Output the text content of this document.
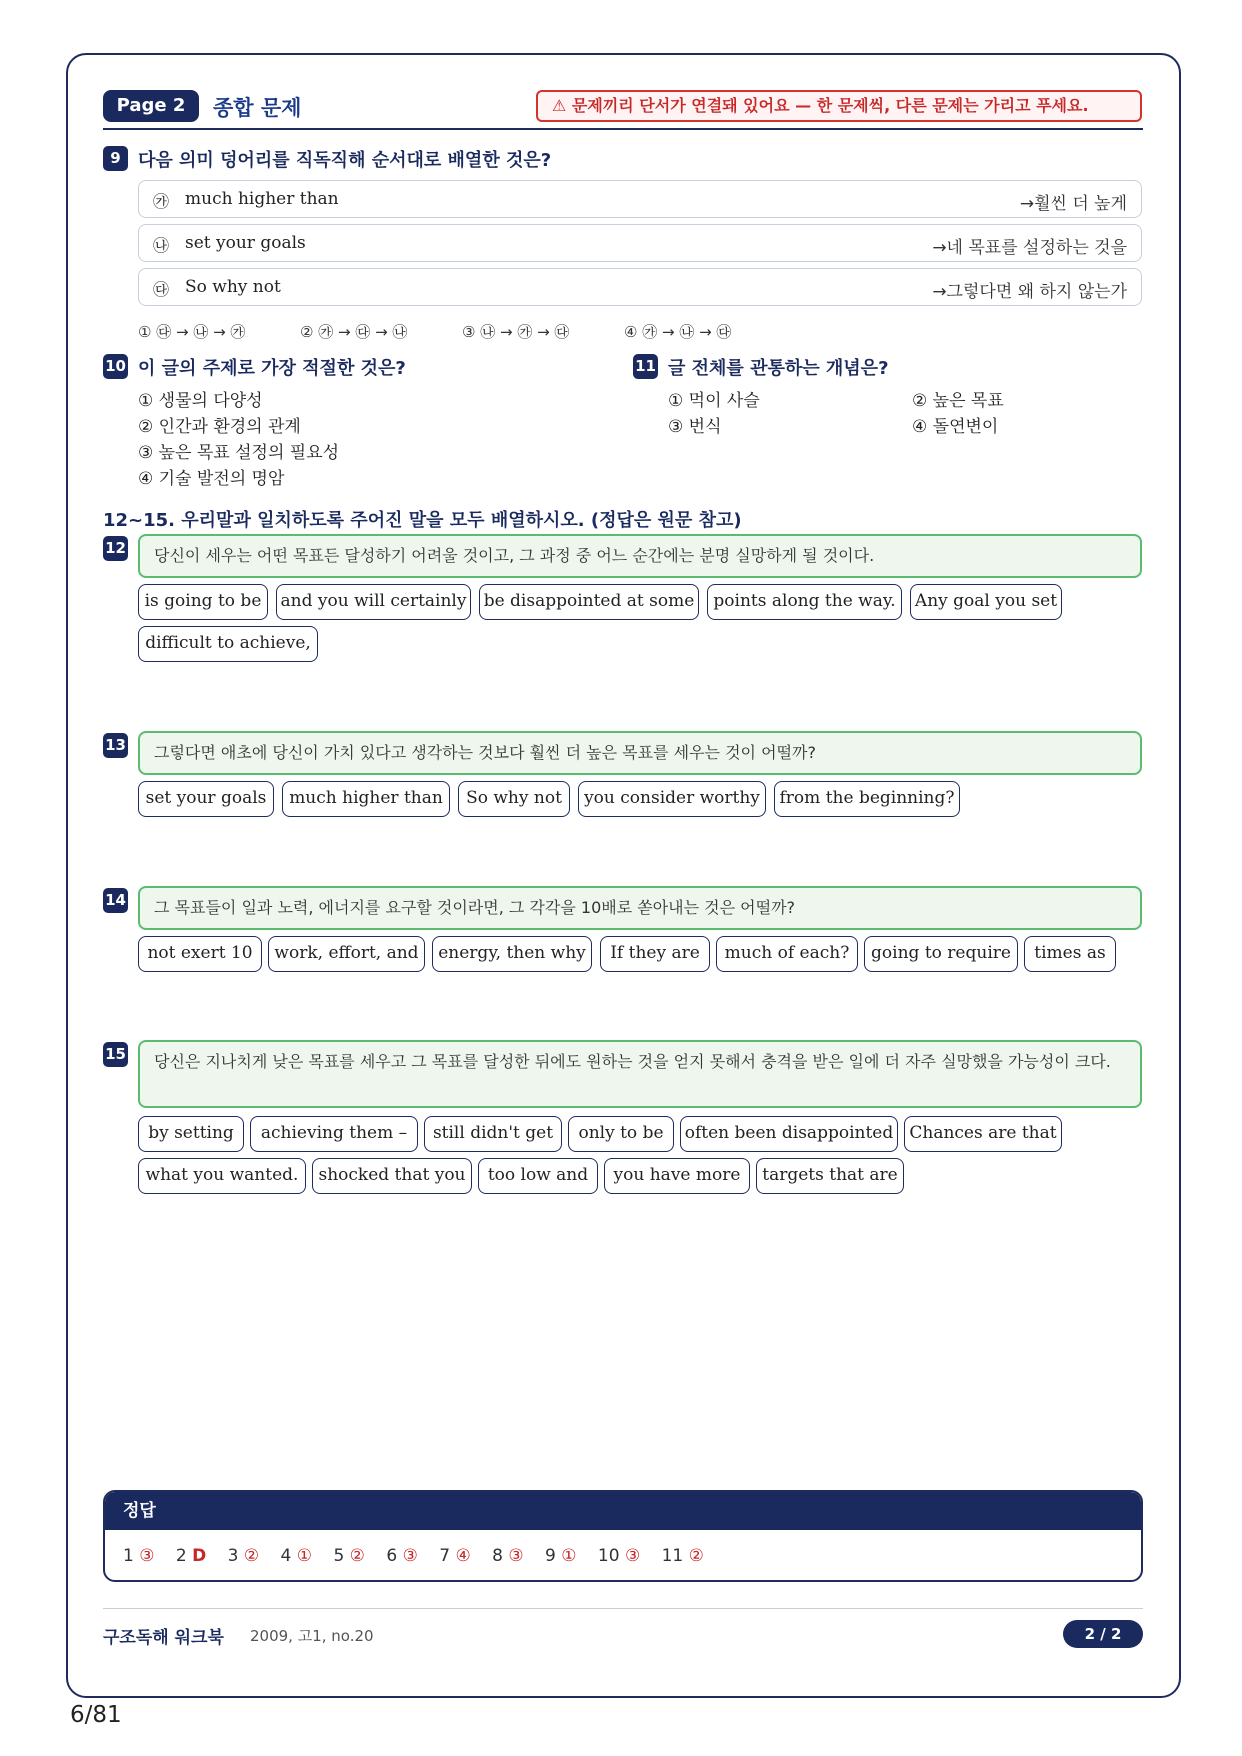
Page 2	종합 문제	⚠ 문제끼리 단서가 연결돼 있어요 — 한 문제씩, 다른 문제는 가리고 푸세요.
9 다음 의미 덩어리를 직독직해 순서대로 배열한 것은?
㉮ much higher than	→훨씬 더 높게
㉯ set your goals	→네 목표를 설정하는 것을
㉰ So why not	→그렇다면 왜 하지 않는가
① ㉰ → ㉯ → ㉮	② ㉮ → ㉰ → ㉯	③ ㉯ → ㉮ → ㉰	④ ㉮ → ㉯ → ㉰
10 이 글의 주제로 가장 적절한 것은?
① 생물의 다양성
② 인간과 환경의 관계
③ 높은 목표 설정의 필요성
④ 기술 발전의 명암
11 글 전체를 관통하는 개념은?
① 먹이 사슬	② 높은 목표
③ 번식	④ 돌연변이
12~15. 우리말과 일치하도록 주어진 말을 모두 배열하시오. (정답은 원문 참고)
12	당신이 세우는 어떤 목표든 달성하기 어려울 것이고, 그 과정 중 어느 순간에는 분명 실망하게 될 것이다.
is going to be	and you will certainly be disappointed at some	points along the way.	Any goal you set
difficult to achieve,
13	그렇다면 애초에 당신이 가치 있다고 생각하는 것보다 훨씬 더 높은 목표를 세우는 것이 어떨까?
set your goals	much higher than	So why not	you consider worthy	from the beginning?
14	그 목표들이 일과 노력, 에너지를 요구할 것이라면, 그 각각을 10배로 쏟아내는 것은 어떨까?
not exert 10	work, effort, and	energy, then why	If they are	much of each?	going to require	times as
15	당신은 지나치게 낮은 목표를 세우고 그 목표를 달성한 뒤에도 원하는 것을 얻지 못해서 충격을 받은 일에 더 자주 실망했을 가능성이 크다.
by setting	achieving them –	still didn't get	only to be	often been disappointed Chances are that
what you wanted.	shocked that you	too low and	you have more	targets that are
정답
1 ③ 2 D 3 ② 4 ① 5 ② 6 ③ 7 ④ 8 ③ 9 ① 10 ③ 11 ②
구조독해 워크북 2009, 고1, no.20	2 / 2
6/81
